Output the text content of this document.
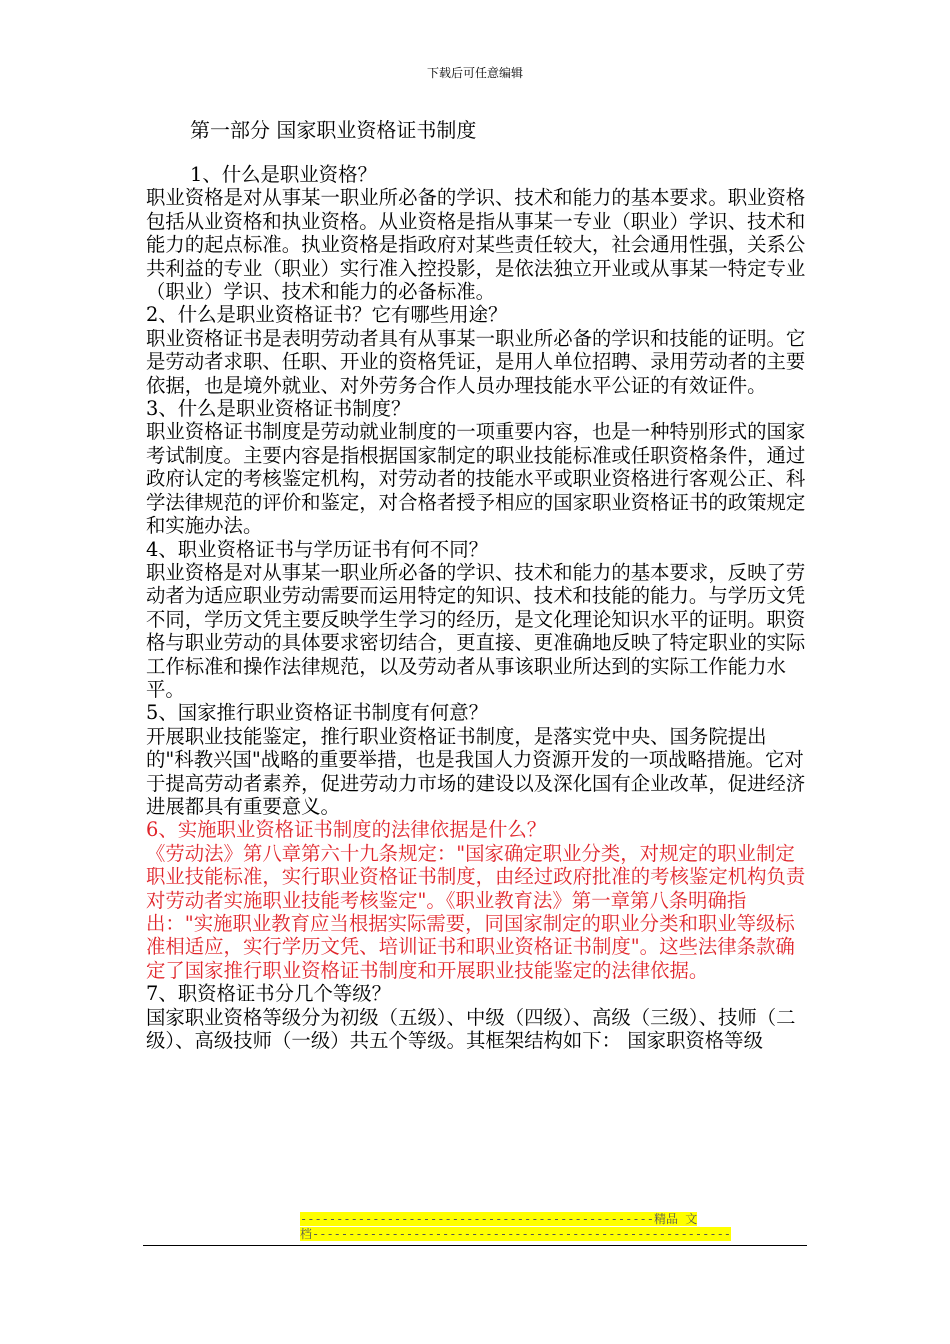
下载后可任意编辑
第一部分 国家职业资格证书制度

1、什么是职业资格？

职业资格是对从事某一职业所必备的学识、技术和能力的基本要求。职业资格包括从业资格和执业资格。从业资格是指从事某一专业（职业）学识、技术和能力的起点标准。执业资格是指政府对某些责任较大，社会通用性强，关系公共利益的专业（职业）实行准入控投影，是依法独立开业或从事某一特定专业（职业）学识、技术和能力的必备标准。

2、什么是职业资格证书？它有哪些用途？

职业资格证书是表明劳动者具有从事某一职业所必备的学识和技能的证明。它是劳动者求职、任职、开业的资格凭证，是用人单位招聘、录用劳动者的主要依据，也是境外就业、对外劳务合作人员办理技能水平公证的有效证件。

3、什么是职业资格证书制度？

职业资格证书制度是劳动就业制度的一项重要内容，也是一种特别形式的国家考试制度。主要内容是指根据国家制定的职业技能标准或任职资格条件，通过政府认定的考核鉴定机构，对劳动者的技能水平或职业资格进行客观公正、科学法律规范的评价和鉴定，对合格者授予相应的国家职业资格证书的政策规定和实施办法。

4、职业资格证书与学历证书有何不同？

职业资格是对从事某一职业所必备的学识、技术和能力的基本要求，反映了劳动者为适应职业劳动需要而运用特定的知识、技术和技能的能力。与学历文凭不同，学历文凭主要反映学生学习的经历，是文化理论知识水平的证明。职资格与职业劳动的具体要求密切结合，更直接、更准确地反映了特定职业的实际工作标准和操作法律规范，以及劳动者从事该职业所达到的实际工作能力水平。

5、国家推行职业资格证书制度有何意？

开展职业技能鉴定，推行职业资格证书制度，是落实党中央、国务院提出的"科教兴国"战略的重要举措，也是我国人力资源开发的一项战略措施。它对于提高劳动者素养，促进劳动力市场的建设以及深化国有企业改革，促进经济进展都具有重要意义。

6、实施职业资格证书制度的法律依据是什么？

《劳动法》第八章第六十九条规定："国家确定职业分类，对规定的职业制定职业技能标准，实行职业资格证书制度，由经过政府批准的考核鉴定机构负责对劳动者实施职业技能考核鉴定"。《职业教育法》第一章第八条明确指出："实施职业教育应当根据实际需要，同国家制定的职业分类和职业等级标准相适应，实行学历文凭、培训证书和职业资格证书制度"。这些法律条款确定了国家推行职业资格证书制度和开展职业技能鉴定的法律依据。

7、职资格证书分几个等级？

国家职业资格等级分为初级（五级）、中级（四级）、高级（三级）、技师（二级）、高级技师（一级）共五个等级。其框架结构如下： 国家职资格等级

-------------------------------------------------精品 文
档----------------------------------------------------------
